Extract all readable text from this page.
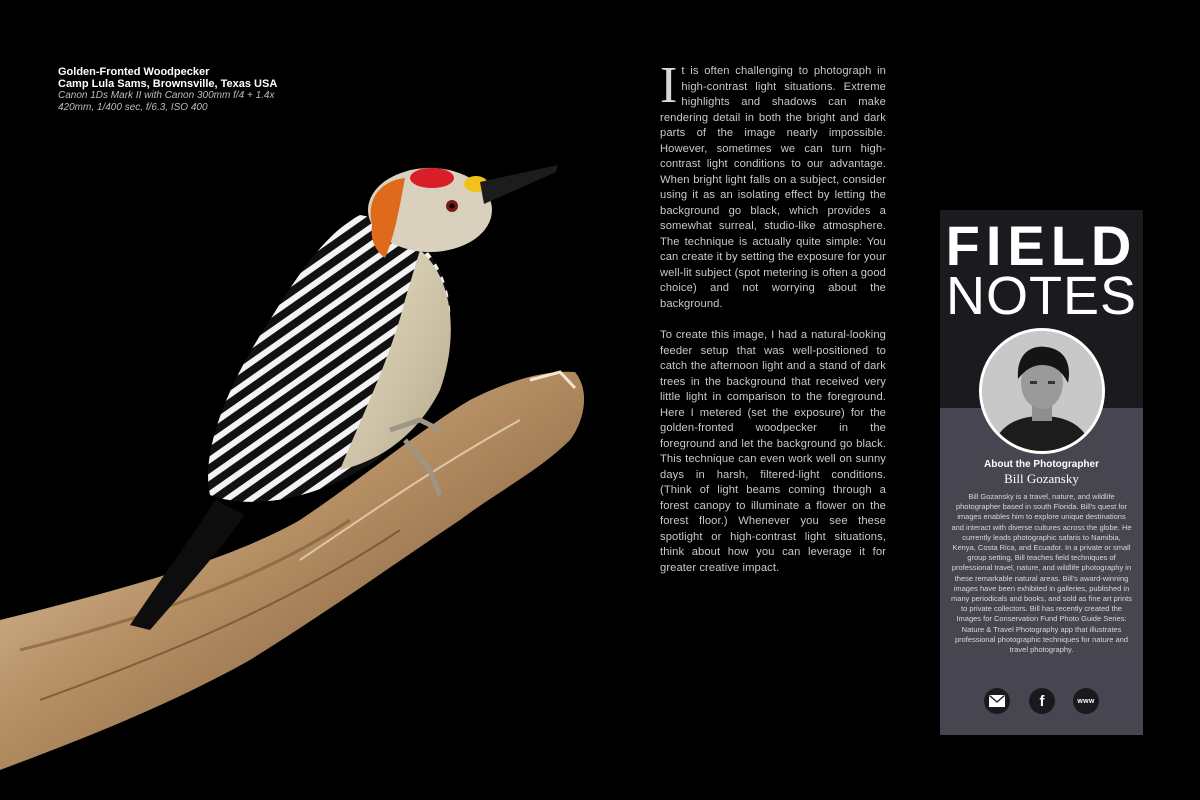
Golden-Fronted Woodpecker
Camp Lula Sams, Brownsville, Texas USA
Canon 1Ds Mark II with Canon 300mm f/4 + 1.4x
420mm, 1/400 sec, f/6.3, ISO 400	It is often challenging to photograph in high-contrast light situations. Extreme highlights and shadows can make rendering detail in both the bright and dark parts of the image nearly impossible. However, sometimes we can turn high-contrast light conditions to our advantage. When bright light falls on a subject, consider using it as an isolating effect by letting the background go black, which provides a somewhat surreal, studio-like atmosphere. The technique is actually quite simple: You can create it by setting the exposure for your well-lit subject (spot metering is often a good choice) and not worrying about the background.

To create this image, I had a natural-looking feeder setup that was well-positioned to catch the afternoon light and a stand of dark trees in the background that received very little light in comparison to the foreground. Here I metered (set the exposure) for the golden-fronted woodpecker in the foreground and let the background go black. This technique can even work well on sunny days in harsh, filtered-light conditions. (Think of light beams coming through a forest canopy to illuminate a flower on the forest floor.) Whenever you see these spotlight or high-contrast light situations, think about how you can leverage it for greater creative impact.

FIELD
NOTES
About the Photographer
Bill Gozansky
Bill Gozansky is a travel, nature, and wildlife photographer based in south Florida. Bill's quest for images enables him to explore unique destinations and interact with diverse cultures across the globe. He currently leads photographic safaris to Namibia, Kenya, Costa Rica, and Ecuador. In a private or small group setting, Bill teaches field techniques of professional travel, nature, and wildlife photography in these remarkable natural areas. Bill's award-winning images have been exhibited in galleries, published in many periodicals and books, and sold as fine art prints to private collectors. Bill has recently created the Images for Conservation Fund Photo Guide Series: Nature & Travel Photography app that illustrates professional photographic techniques for nature and travel photography.
f	www
